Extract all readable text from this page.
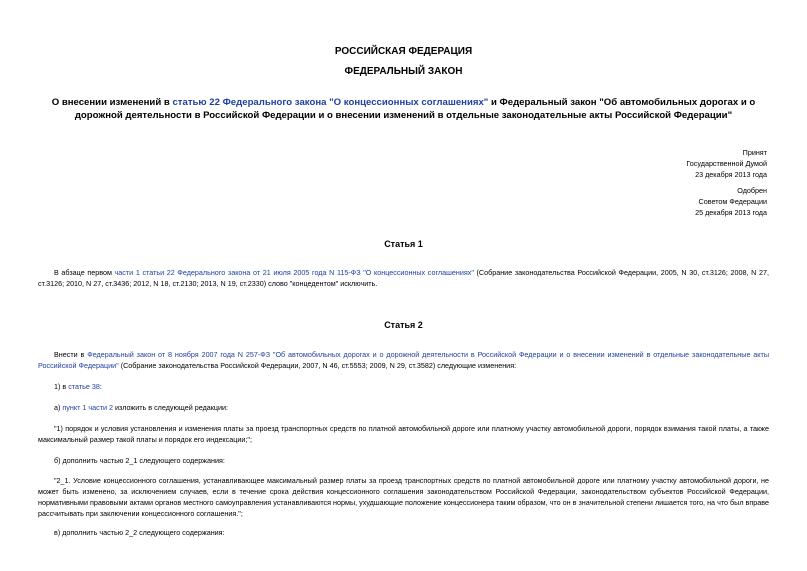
РОССИЙСКАЯ ФЕДЕРАЦИЯ
ФЕДЕРАЛЬНЫЙ ЗАКОН
О внесении изменений в статью 22 Федерального закона "О концессионных соглашениях" и Федеральный закон "Об автомобильных дорогах и о дорожной деятельности в Российской Федерации и о внесении изменений в отдельные законодательные акты Российской Федерации"
Принят
Государственной Думой
23 декабря 2013 года
Одобрен
Советом Федерации
25 декабря 2013 года
Статья 1
В абзаце первом части 1 статьи 22 Федерального закона от 21 июля 2005 года N 115-ФЗ "О концессионных соглашениях" (Собрание законодательства Российской Федерации, 2005, N 30, ст.3126; 2008, N 27, ст.3126; 2010, N 27, ст.3436; 2012, N 18, ст.2130; 2013, N 19, ст.2330) слово "концедентом" исключить.
Статья 2
Внести в Федеральный закон от 8 ноября 2007 года N 257-ФЗ "Об автомобильных дорогах и о дорожной деятельности в Российской Федерации и о внесении изменений в отдельные законодательные акты Российской Федерации" (Собрание законодательства Российской Федерации, 2007, N 46, ст.5553; 2009, N 29, ст.3582) следующие изменения:
1) в статье 38:
а) пункт 1 части 2 изложить в следующей редакции:
"1) порядок и условия установления и изменения платы за проезд транспортных средств по платной автомобильной дороге или платному участку автомобильной дороги, порядок взимания такой платы, а также максимальный размер такой платы и порядок его индексации;";
б) дополнить частью 2_1 следующего содержания:
"2_1. Условие концессионного соглашения, устанавливающее максимальный размер платы за проезд транспортных средств по платной автомобильной дороге или платному участку автомобильной дороги, не может быть изменено, за исключением случаев, если в течение срока действия концессионного соглашения законодательством Российской Федерации, законодательством субъектов Российской Федерации, нормативными правовыми актами органов местного самоуправления устанавливаются нормы, ухудшающие положение концессионера таким образом, что он в значительной степени лишается того, на что был вправе рассчитывать при заключении концессионного соглашения.";
в) дополнить частью 2_2 следующего содержания:
